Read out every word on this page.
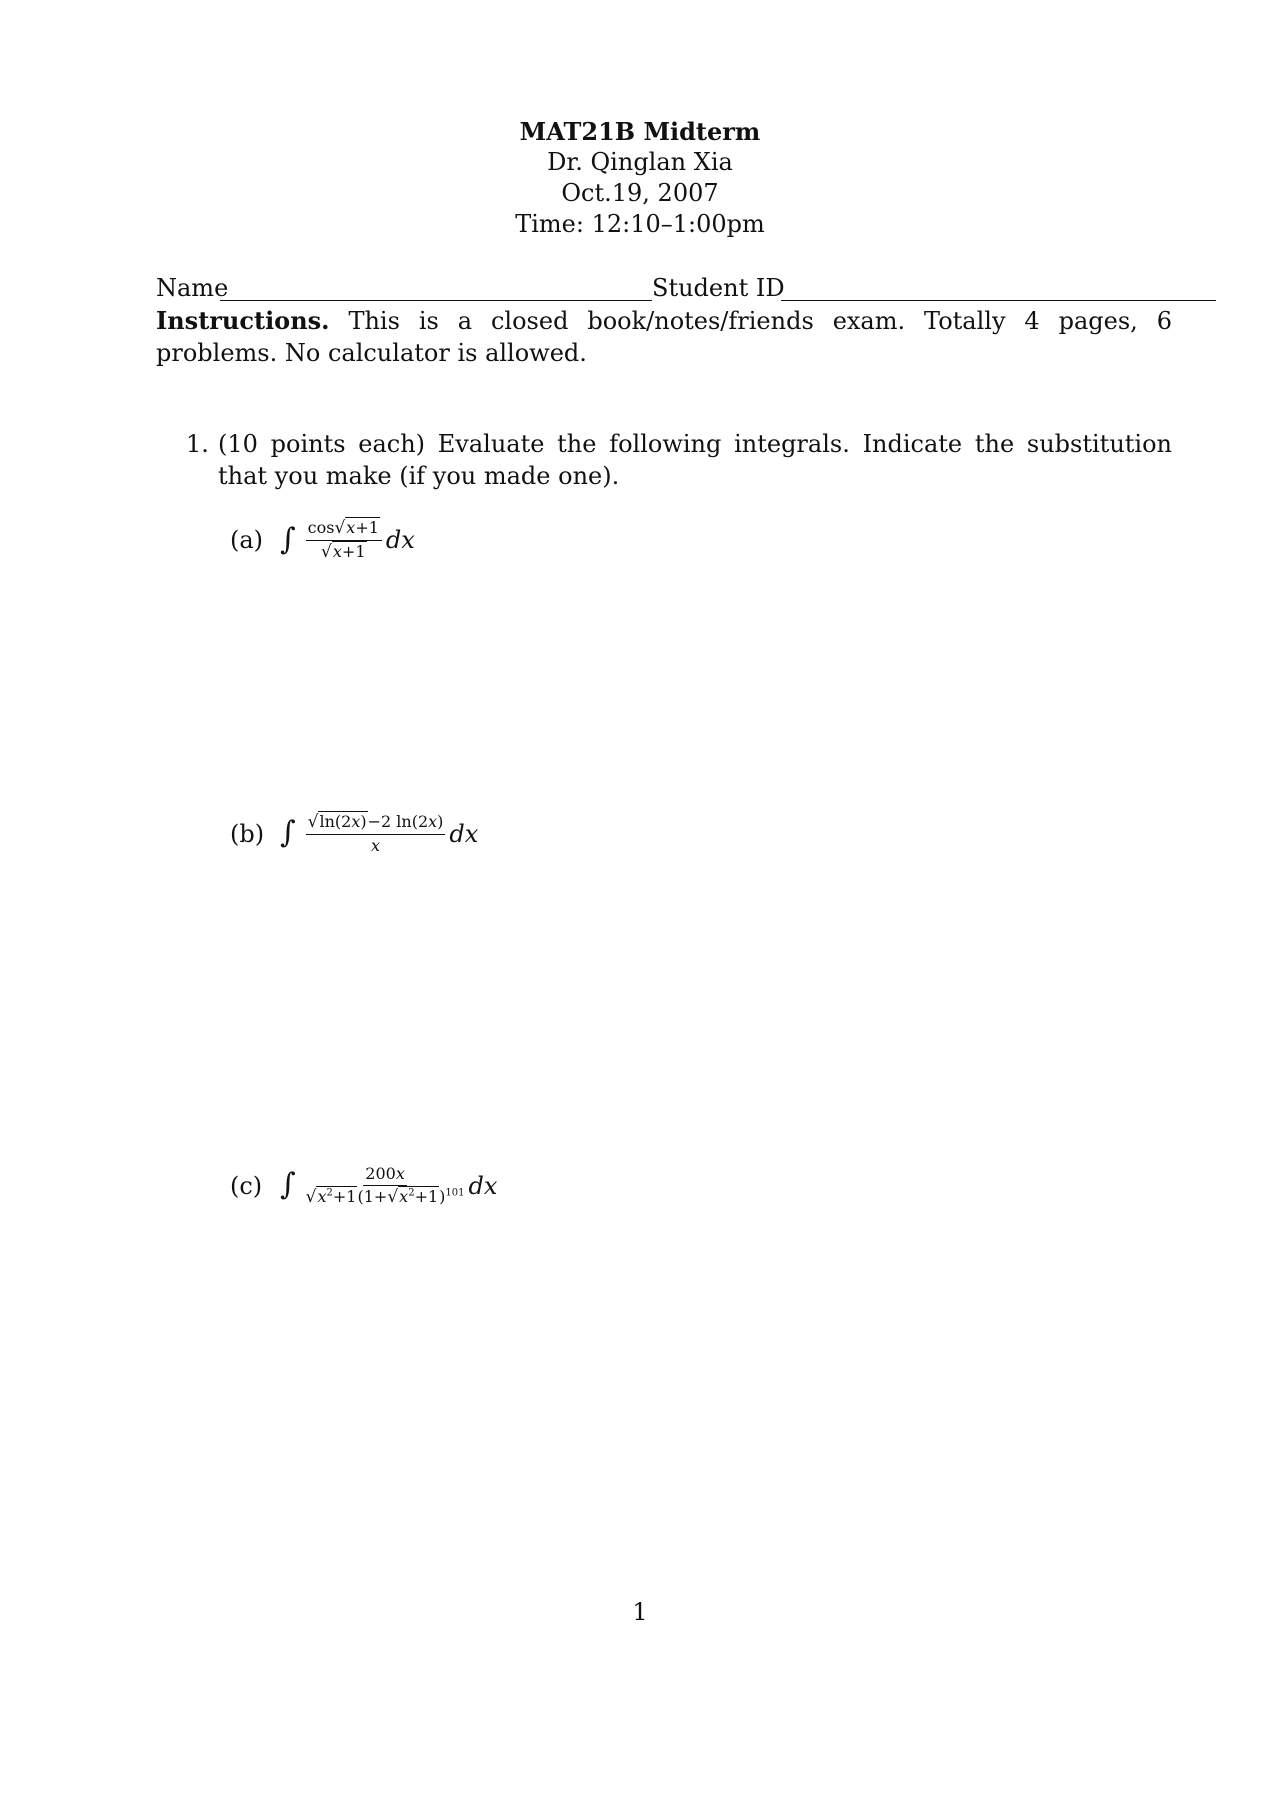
MAT21B Midterm
Dr. Qinglan Xia
Oct.19, 2007
Time: 12:10–1:00pm
Name	Student ID
Instructions. This is a closed book/notes/friends exam. Totally 4 pages, 6 problems. No calculator is allowed.
1. (10 points each) Evaluate the following integrals. Indicate the substitution that you make (if you made one).
(a) ∫ $\frac{\cos√x+1}{√x+1}$ dx
(b) ∫ $\frac{√\ln(2x)-2 \ln(2x)}{x}$ dx
(c) ∫ $\frac{200x}{√x^2+1(1+√x^2+1)^{101}}$ dx
1
